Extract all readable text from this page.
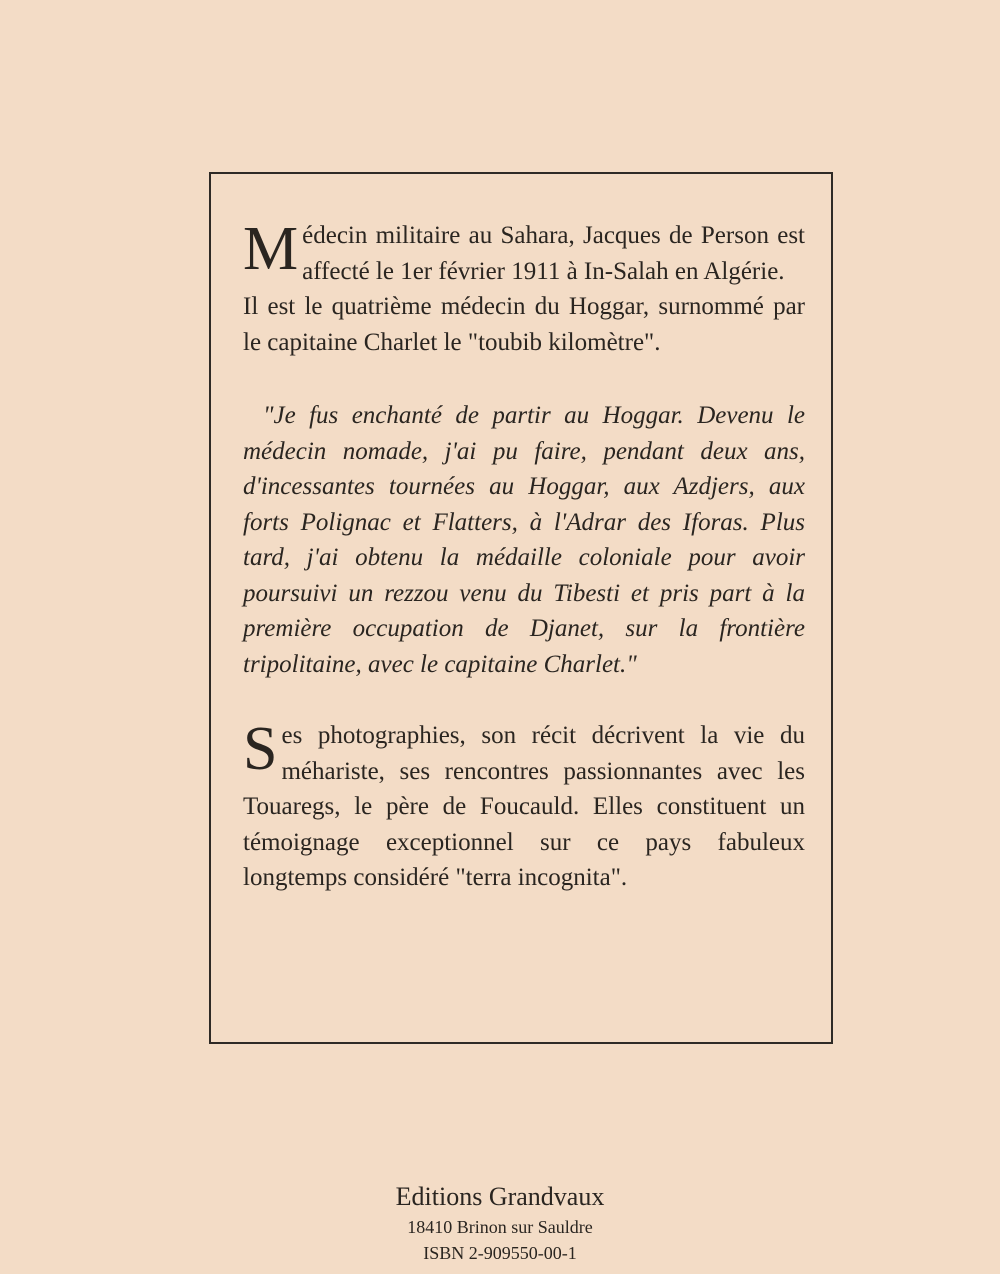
Médecin militaire au Sahara, Jacques de Person est affecté le 1er février 1911 à In-Salah en Algérie.

Il est le quatrième médecin du Hoggar, surnommé par le capitaine Charlet le "toubib kilomètre".

"Je fus enchanté de partir au Hoggar. Devenu le médecin nomade, j'ai pu faire, pendant deux ans, d'incessantes tournées au Hoggar, aux Azdjers, aux forts Polignac et Flatters, à l'Adrar des Iforas. Plus tard, j'ai obtenu la médaille coloniale pour avoir poursuivi un rezzou venu du Tibesti et pris part à la première occupation de Djanet, sur la frontière tripolitaine, avec le capitaine Charlet."

Ses photographies, son récit décrivent la vie du méhariste, ses rencontres passionnantes avec les Touaregs, le père de Foucauld. Elles constituent un témoignage exceptionnel sur ce pays fabuleux longtemps considéré "terra incognita".

Editions Grandvaux
18410 Brinon sur Sauldre
ISBN 2-909550-00-1
